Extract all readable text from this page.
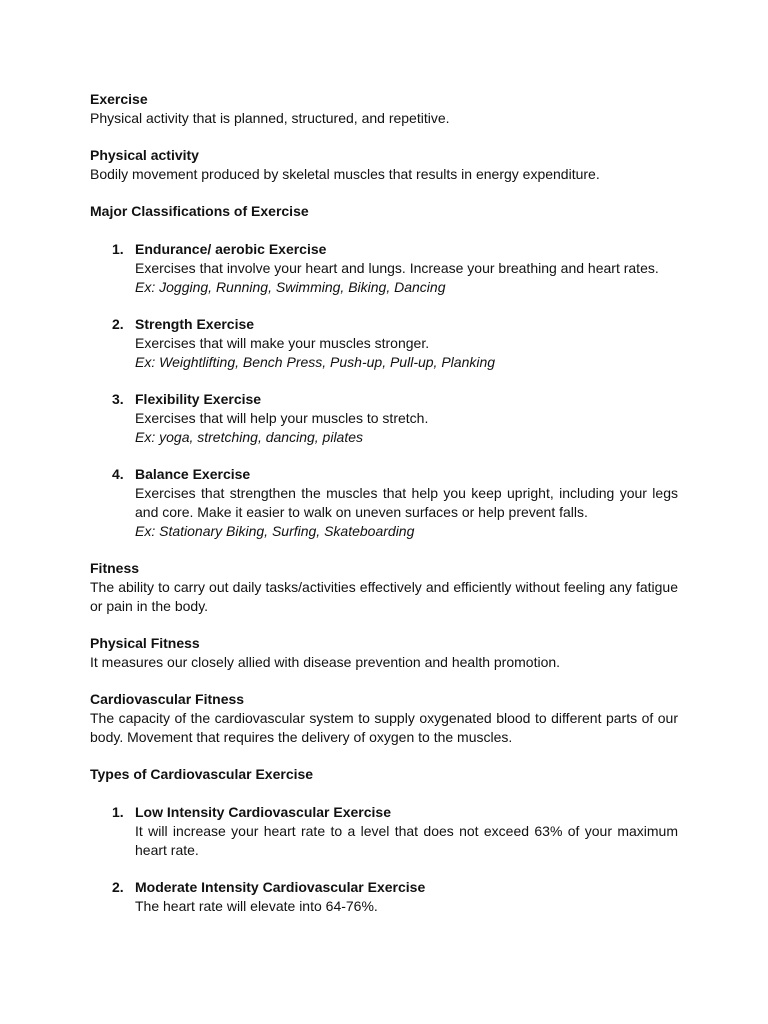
Exercise
Physical activity that is planned, structured, and repetitive.
Physical activity
Bodily movement produced by skeletal muscles that results in energy expenditure.
Major Classifications of Exercise
1. Endurance/ aerobic Exercise
Exercises that involve your heart and lungs. Increase your breathing and heart rates.
Ex: Jogging, Running, Swimming, Biking, Dancing
2. Strength Exercise
Exercises that will make your muscles stronger.
Ex: Weightlifting, Bench Press, Push-up, Pull-up, Planking
3. Flexibility Exercise
Exercises that will help your muscles to stretch.
Ex: yoga, stretching, dancing, pilates
4. Balance Exercise
Exercises that strengthen the muscles that help you keep upright, including your legs and core. Make it easier to walk on uneven surfaces or help prevent falls.
Ex: Stationary Biking, Surfing, Skateboarding
Fitness
The ability to carry out daily tasks/activities effectively and efficiently without feeling any fatigue or pain in the body.
Physical Fitness
It measures our closely allied with disease prevention and health promotion.
Cardiovascular Fitness
The capacity of the cardiovascular system to supply oxygenated blood to different parts of our body. Movement that requires the delivery of oxygen to the muscles.
Types of Cardiovascular Exercise
1. Low Intensity Cardiovascular Exercise
It will increase your heart rate to a level that does not exceed 63% of your maximum heart rate.
2. Moderate Intensity Cardiovascular Exercise
The heart rate will elevate into 64-76%.
